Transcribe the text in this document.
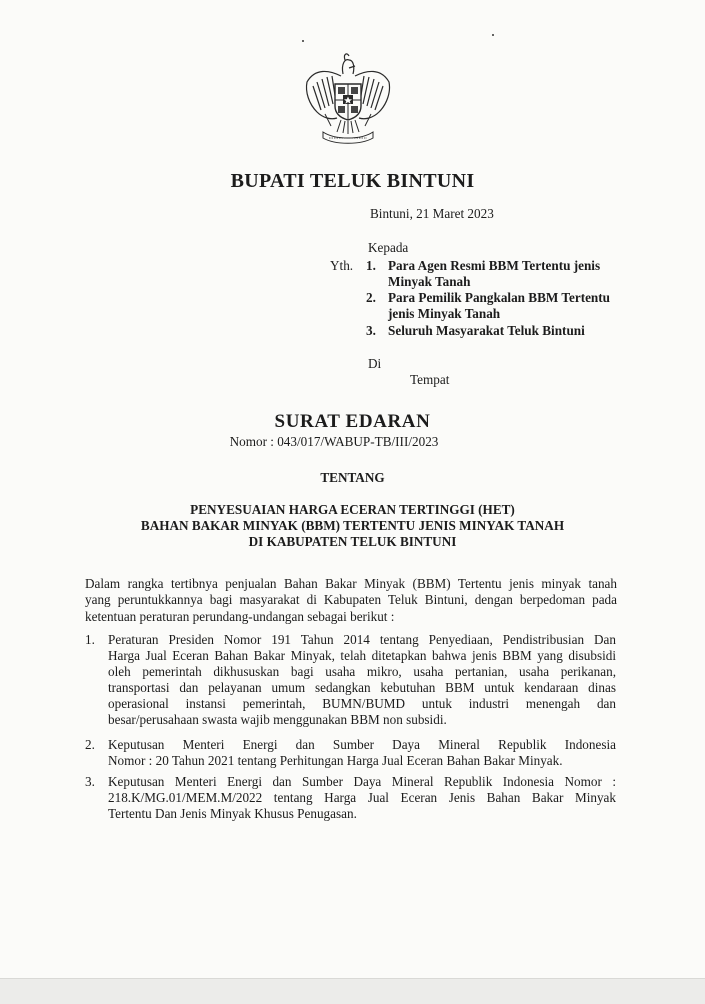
BUPATI TELUK BINTUNI
Bintuni, 21 Maret 2023
Kepada
Yth. 1. Para Agen Resmi BBM Tertentu jenis
Minyak Tanah
2. Para Pemilik Pangkalan BBM Tertentu
jenis Minyak Tanah
3. Seluruh Masyarakat Teluk Bintuni
Di
Tempat
SURAT EDARAN
Nomor : 043/017/WABUP-TB/III/2023
TENTANG
PENYESUAIAN HARGA ECERAN TERTINGGI (HET)
BAHAN BAKAR MINYAK (BBM) TERTENTU JENIS MINYAK TANAH
DI KABUPATEN TELUK BINTUNI
Dalam rangka tertibnya penjualan Bahan Bakar Minyak (BBM) Tertentu jenis minyak tanah
yang peruntukkannya bagi masyarakat di Kabupaten Teluk Bintuni, dengan berpedoman pada
ketentuan peraturan perundang-undangan sebagai berikut :
1. Peraturan Presiden Nomor 191 Tahun 2014 tentang Penyediaan, Pendistribusian Dan
Harga Jual Eceran Bahan Bakar Minyak, telah ditetapkan bahwa jenis BBM yang disubsidi
oleh pemerintah dikhususkan bagi usaha mikro, usaha pertanian, usaha perikanan,
transportasi dan pelayanan umum sedangkan kebutuhan BBM untuk kendaraan dinas
operasional instansi pemerintah, BUMN/BUMD untuk industri menengah dan
besar/perusahaan swasta wajib menggunakan BBM non subsidi.
2. Keputusan Menteri Energi dan Sumber Daya Mineral Republik Indonesia
Nomor : 20 Tahun 2021 tentang Perhitungan Harga Jual Eceran Bahan Bakar Minyak.
3. Keputusan Menteri Energi dan Sumber Daya Mineral Republik Indonesia Nomor :
218.K/MG.01/MEM.M/2022 tentang Harga Jual Eceran Jenis Bahan Bakar Minyak
Tertentu Dan Jenis Minyak Khusus Penugasan.
